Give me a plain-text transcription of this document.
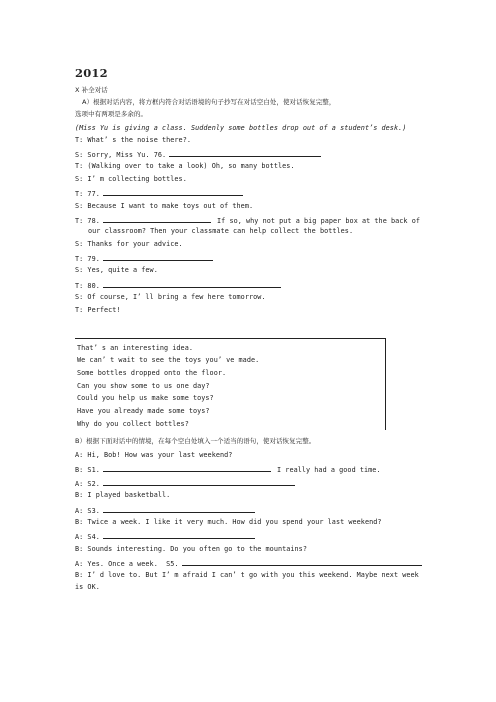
2012
X 补全对话
A）根据对话内容，将方框内符合对话语境的句子抄写在对话空白处，使对话恢复完整，
选项中有两项是多余的。
(Miss Yu is giving a class. Suddenly some bottles drop out of a student’s desk.)
T: What’ s the noise there?.
S: Sorry, Miss Yu. 76.
T: (Walking over to take a look) Oh, so many bottles.
S: I’ m collecting bottles.
T: 77.
S: Because I want to make toys out of them.
T: 78.	If so, why not put a big paper box at the back of
our classroom? Then your classmate can help collect the bottles.
S: Thanks for your advice.
T: 79.
S: Yes, quite a few.
T: 80.
S: Of course, I’ ll bring a few here tomorrow.
T: Perfect!
That’ s an interesting idea.
We can’ t wait to see the toys you’ ve made.
Some bottles dropped onto the floor.
Can you show some to us one day?
Could you help us make some toys?
Have you already made some toys?
Why do you collect bottles?
B）根据下面对话中的情境，在每个空白处填入一个适当的语句，使对话恢复完整。
A: Hi, Bob! How was your last weekend?
B: S1.	I really had a good time.
A: S2.
B: I played basketball.
A: S3.
B: Twice a week. I like it very much. How did you spend your last weekend?
A: S4.
B: Sounds interesting. Do you often go to the mountains?
A: Yes. Once a week.  S5.
B: I’ d love to. But I’ m afraid I can’ t go with you this weekend. Maybe next week
is OK.
